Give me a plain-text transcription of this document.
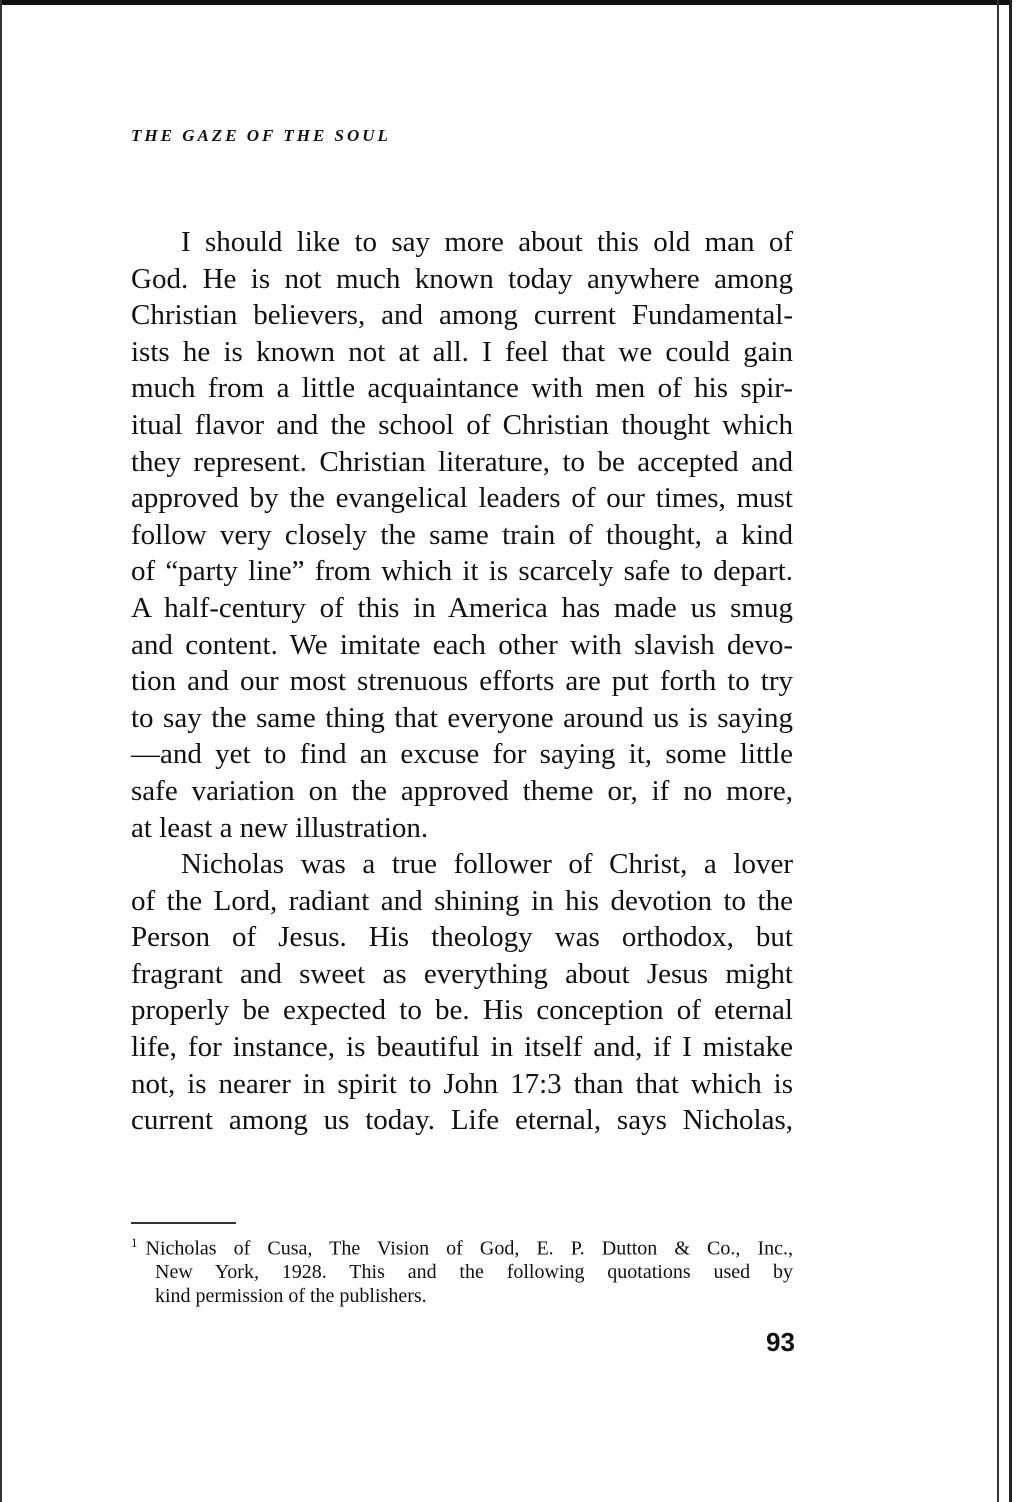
THE GAZE OF THE SOUL
I should like to say more about this old man of
God. He is not much known today anywhere among
Christian believers, and among current Fundamental-
ists he is known not at all. I feel that we could gain
much from a little acquaintance with men of his spir-
itual flavor and the school of Christian thought which
they represent. Christian literature, to be accepted and
approved by the evangelical leaders of our times, must
follow very closely the same train of thought, a kind
of “party line” from which it is scarcely safe to depart.
A half-century of this in America has made us smug
and content. We imitate each other with slavish devo-
tion and our most strenuous efforts are put forth to try
to say the same thing that everyone around us is saying
—and yet to find an excuse for saying it, some little
safe variation on the approved theme or, if no more,
at least a new illustration.
Nicholas was a true follower of Christ, a lover
of the Lord, radiant and shining in his devotion to the
Person of Jesus. His theology was orthodox, but
fragrant and sweet as everything about Jesus might
properly be expected to be. His conception of eternal
life, for instance, is beautiful in itself and, if I mistake
not, is nearer in spirit to John 17:3 than that which is
current among us today. Life eternal, says Nicholas,
$^1$ Nicholas of Cusa, The Vision of God, E. P. Dutton & Co., Inc.,
New York, 1928. This and the following quotations used by
kind permission of the publishers.
93
